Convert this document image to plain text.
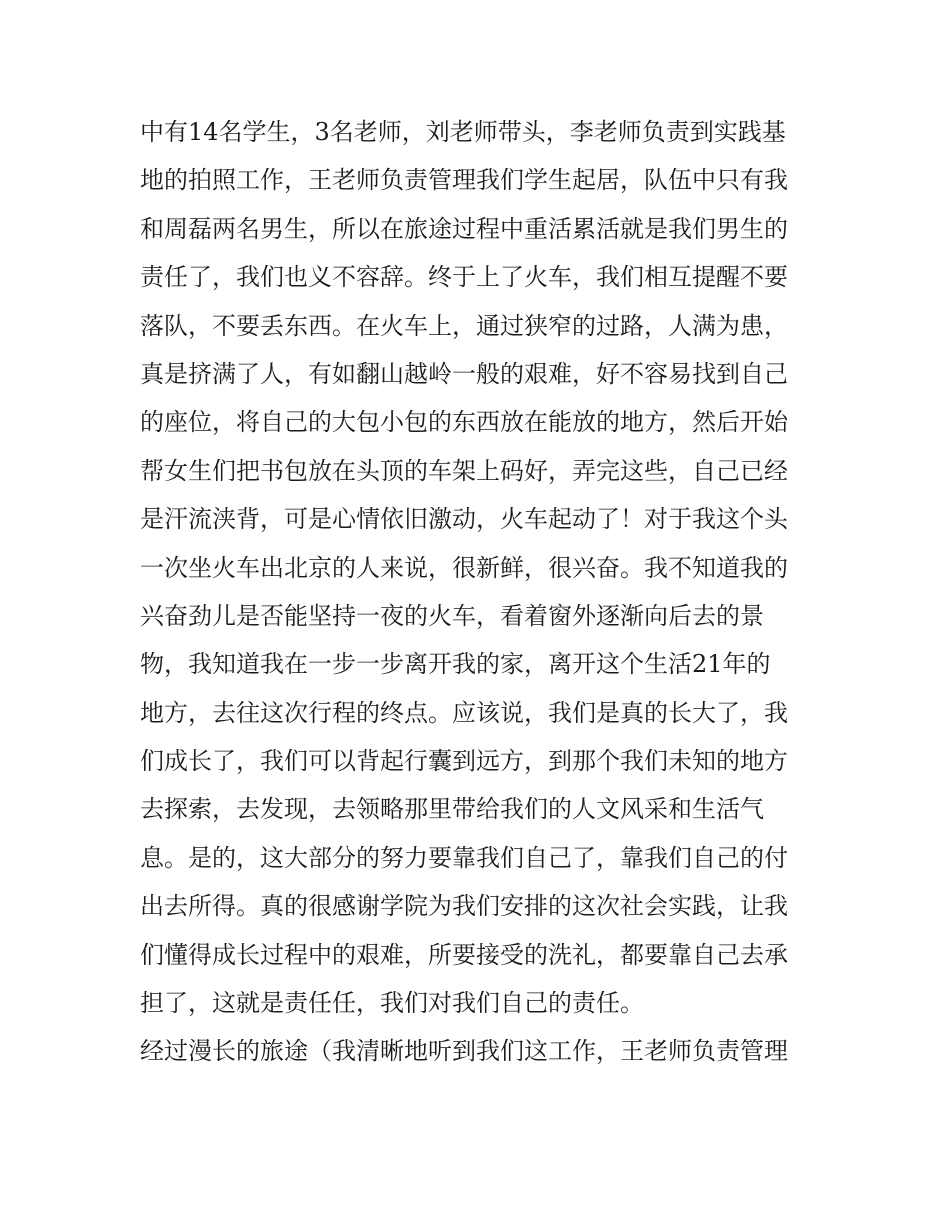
中有14名学生，3名老师，刘老师带头，李老师负责到实践基
地的拍照工作，王老师负责管理我们学生起居，队伍中只有我
和周磊两名男生，所以在旅途过程中重活累活就是我们男生的
责任了，我们也义不容辞。终于上了火车，我们相互提醒不要
落队，不要丢东西。在火车上，通过狭窄的过路，人满为患，
真是挤满了人，有如翻山越岭一般的艰难，好不容易找到自己
的座位，将自己的大包小包的东西放在能放的地方，然后开始
帮女生们把书包放在头顶的车架上码好，弄完这些，自己已经
是汗流浃背，可是心情依旧激动，火车起动了！对于我这个头
一次坐火车出北京的人来说，很新鲜，很兴奋。我不知道我的
兴奋劲儿是否能坚持一夜的火车，看着窗外逐渐向后去的景
物，我知道我在一步一步离开我的家，离开这个生活21年的
地方，去往这次行程的终点。应该说，我们是真的长大了，我
们成长了，我们可以背起行囊到远方，到那个我们未知的地方
去探索，去发现，去领略那里带给我们的人文风采和生活气
息。是的，这大部分的努力要靠我们自己了，靠我们自己的付
出去所得。真的很感谢学院为我们安排的这次社会实践，让我
们懂得成长过程中的艰难，所要接受的洗礼，都要靠自己去承
担了，这就是责任任，我们对我们自己的责任。
经过漫长的旅途（我清晰地听到我们这工作，王老师负责管理
